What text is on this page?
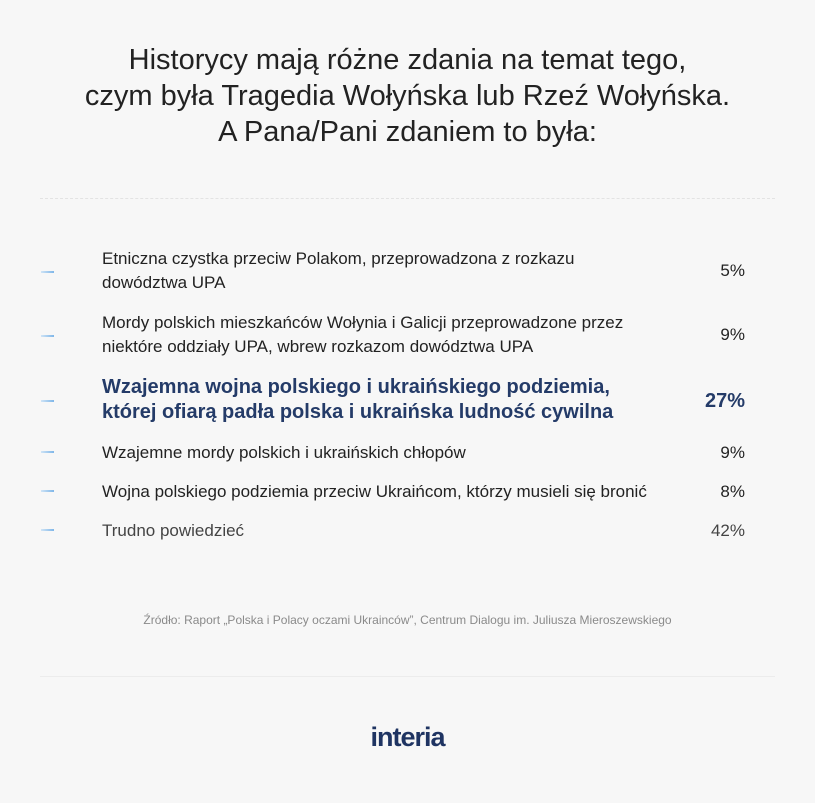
Historycy mają różne zdania na temat tego,
czym była Tragedia Wołyńska lub Rzeź Wołyńska.
A Pana/Pani zdaniem to była:
Etniczna czystka przeciw Polakom, przeprowadzona z rozkazu
dowództwa UPA
5%
Mordy polskich mieszkańców Wołynia i Galicji przeprowadzone przez
niektóre oddziały UPA, wbrew rozkazom dowództwa UPA
9%
Wzajemna wojna polskiego i ukraińskiego podziemia,
której ofiarą padła polska i ukraińska ludność cywilna	27%
Wzajemne mordy polskich i ukraińskich chłopów	9%
Wojna polskiego podziemia przeciw Ukraińcom, którzy musieli się bronić	8%
Trudno powiedzieć	42%
Źródło: Raport „Polska i Polacy oczami Ukrainców”, Centrum Dialogu im. Juliusza Mieroszewskiego
interia
